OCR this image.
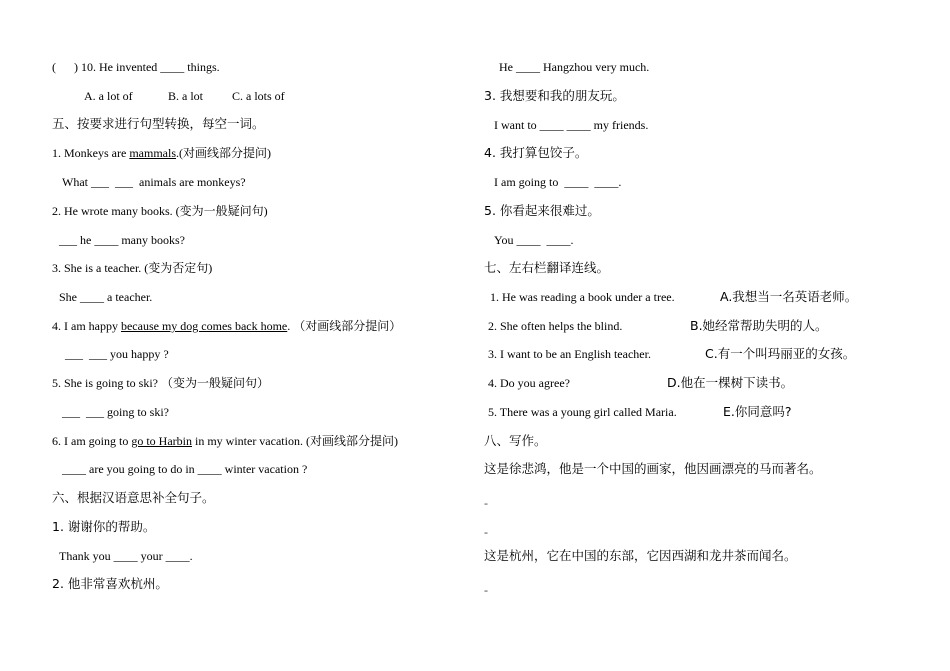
(      ) 10. He invented ____ things.
A. a lot of	B. a lot C. a lots of
五、按要求进行句型转换，每空一词。
1. Monkeys are mammals.(对画线部分提问)
What ___  ___  animals are monkeys?
2. He wrote many books. (变为一般疑问句)
___ he ____ many books?
3. She is a teacher. (变为否定句)
She ____ a teacher.
4. I am happy because my dog comes back home. （对画线部分提问）
___  ___ you happy ?
5. She is going to ski? （变为一般疑问句）
___  ___ going to ski?
6. I am going to go to Harbin in my winter vacation. (对画线部分提问)
____ are you going to do in ____ winter vacation ?
六、根据汉语意思补全句子。
1. 谢谢你的帮助。
Thank you ____ your ____.
2. 他非常喜欢杭州。
He ____ Hangzhou very much.
3. 我想要和我的朋友玩。
I want to ____ ____ my friends.
4. 我打算包饺子。
I am going to  ____  ____.
5. 你看起来很难过。
You ____  ____.
七、左右栏翻译连线。
1. He was reading a book under a tree.	A.我想当一名英语老师。
2. She often helps the blind.	B.她经常帮助失明的人。
3. I want to be an English teacher.	C.有一个叫玛丽亚的女孩。
4. Do you agree?	D.他在一棵树下读书。
5. There was a young girl called Maria.	E.你同意吗?
八、写作。
这是徐悲鸿，他是一个中国的画家，他因画漂亮的马而著名。
-
-
这是杭州，它在中国的东部，它因西湖和龙井茶而闻名。
-
